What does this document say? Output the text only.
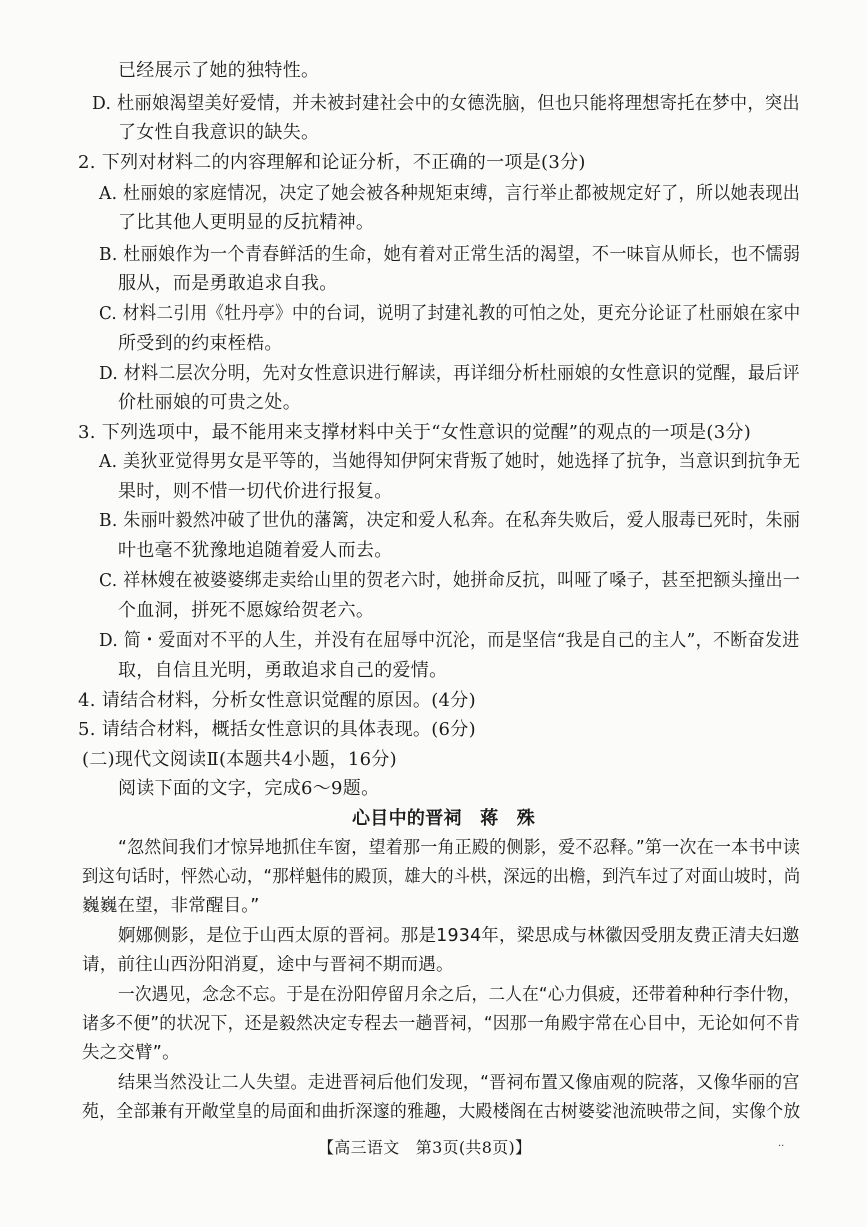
已经展示了她的独特性。
D. 杜丽娘渴望美好爱情，并未被封建社会中的女德洗脑，但也只能将理想寄托在梦中，突出
了女性自我意识的缺失。
2. 下列对材料二的内容理解和论证分析，不正确的一项是(3分)
A. 杜丽娘的家庭情况，决定了她会被各种规矩束缚，言行举止都被规定好了，所以她表现出
了比其他人更明显的反抗精神。
B. 杜丽娘作为一个青春鲜活的生命，她有着对正常生活的渴望，不一味盲从师长，也不懦弱
服从，而是勇敢追求自我。
C. 材料二引用《牡丹亭》中的台词，说明了封建礼教的可怕之处，更充分论证了杜丽娘在家中
所受到的约束桎梏。
D. 材料二层次分明，先对女性意识进行解读，再详细分析杜丽娘的女性意识的觉醒，最后评
价杜丽娘的可贵之处。
3. 下列选项中，最不能用来支撑材料中关于“女性意识的觉醒”的观点的一项是(3分)
A. 美狄亚觉得男女是平等的，当她得知伊阿宋背叛了她时，她选择了抗争，当意识到抗争无
果时，则不惜一切代价进行报复。
B. 朱丽叶毅然冲破了世仇的藩篱，决定和爱人私奔。在私奔失败后，爱人服毒已死时，朱丽
叶也毫不犹豫地追随着爱人而去。
C. 祥林嫂在被婆婆绑走卖给山里的贺老六时，她拼命反抗，叫哑了嗓子，甚至把额头撞出一
个血洞，拼死不愿嫁给贺老六。
D. 简・爱面对不平的人生，并没有在屈辱中沉沦，而是坚信“我是自己的主人”，不断奋发进
取，自信且光明，勇敢追求自己的爱情。
4. 请结合材料，分析女性意识觉醒的原因。(4分)
5. 请结合材料，概括女性意识的具体表现。(6分)
(二)现代文阅读Ⅱ(本题共4小题，16分)
阅读下面的文字，完成6～9题。
心目中的晋祠　蒋　殊
“忽然间我们才惊异地抓住车窗，望着那一角正殿的侧影，爱不忍释。”第一次在一本书中读
到这句话时，怦然心动，“那样魁伟的殿顶，雄大的斗栱，深远的出檐，到汽车过了对面山坡时，尚
巍巍在望，非常醒目。”
婀娜侧影，是位于山西太原的晋祠。那是1934年，梁思成与林徽因受朋友费正清夫妇邀
请，前往山西汾阳消夏，途中与晋祠不期而遇。
一次遇见，念念不忘。于是在汾阳停留月余之后，二人在“心力俱疲，还带着种种行李什物，
诸多不便”的状况下，还是毅然决定专程去一趟晋祠，“因那一角殿宇常在心目中，无论如何不肯
失之交臂”。
结果当然没让二人失望。走进晋祠后他们发现，“晋祠布置又像庙观的院落，又像华丽的宫
苑，全部兼有开敞堂皇的局面和曲折深邃的雅趣，大殿楼阁在古树婆娑池流映带之间，实像个放
【高三语文　第3页(共8页)】	..
